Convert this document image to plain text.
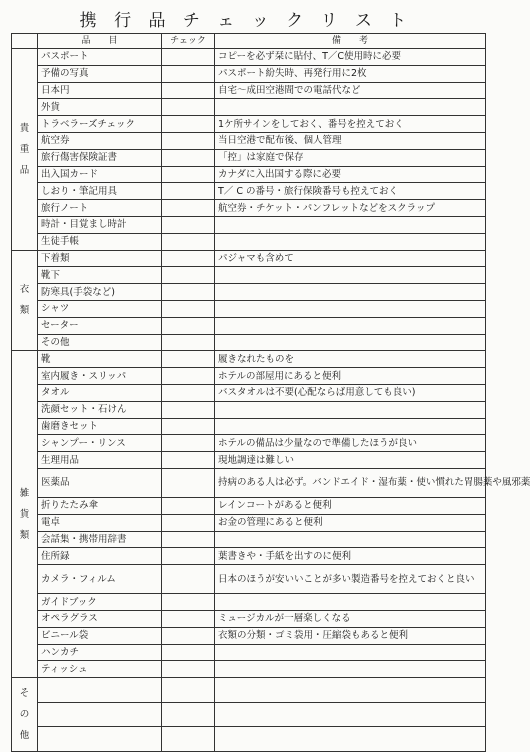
携 行 品 チ ェ ッ ク リ ス ト
	品　　目	チェック	備　　考

貴
重
品	パスポート		コピーを必ず栞に貼付、T／C使用時に必要
	予備の写真		パスポート紛失時、再発行用に2枚
	日本円		自宅～成田空港間での電話代など
	外貨		
	トラベラーズチェック		1ケ所サインをしておく、番号を控えておく
	航空券		当日空港で配布後、個人管理
	旅行傷害保険証書		「控」は家庭で保存
	出入国カード		カナダに入出国する際に必要
	しおり・筆記用具		T／ C の番号・旅行保険番号も控えておく
	旅行ノート		航空券・チケット・パンフレットなどをスクラップ
	時計・目覚まし時計		
	生徒手帳		

衣
類	下着類		パジャマも含めて
	靴下		
	防寒具(手袋など)		
	シャツ		
	セーター		
	その他		

雑
貨
類	靴		履きなれたものを
	室内履き・スリッパ		ホテルの部屋用にあると便利
	タオル		バスタオルは不要(心配ならば用意しても良い)
	洗顔セット・石けん		
	歯磨きセット		
	シャンプー・リンス		ホテルの備品は少量なので準備したほうが良い
	生理用品		現地調達は難しい
	医薬品		持病のある人は必ず。バンドエイド・湿布薬・使い慣れた胃腸薬や風邪薬
	折りたたみ傘		レインコートがあると便利
	電卓		お金の管理にあると便利
	会話集・携帯用辞書		
	住所録		葉書きや・手紙を出すのに便利
	カメラ・フィルム		日本のほうが安いいことが多い製造番号を控えておくと良い
	ガイドブック		
	オペラグラス		ミュージカルが一層楽しくなる
	ビニール袋		衣類の分類・ゴミ袋用・圧縮袋もあると便利
	ハンカチ		
	ティッシュ		

そ
の
他			
